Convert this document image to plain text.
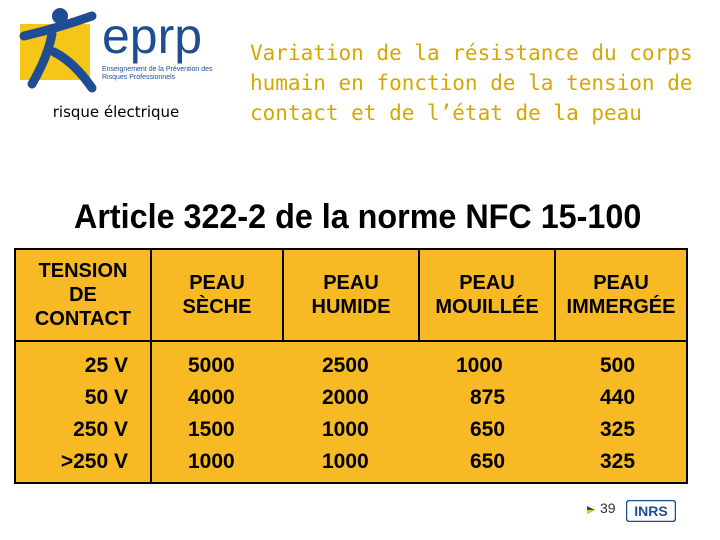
eprp
Enseignement de la Prévention des Risques Professionnels
risque électrique
Variation de la résistance du corps humain en fonction de la tension de contact et de l’état de la peau
Article 322-2 de la norme NFC 15-100
TENSION
DE
CONTACT
PEAU
SÈCHE
PEAU
HUMIDE
PEAU
MOUILLÉE
PEAU
IMMERGÉE
25 V
50 V
250 V
>250 V
5000
4000
1500
1000
2500
2000
1000
1000
1000
875
650
650
500
440
325
325
39 INRS
